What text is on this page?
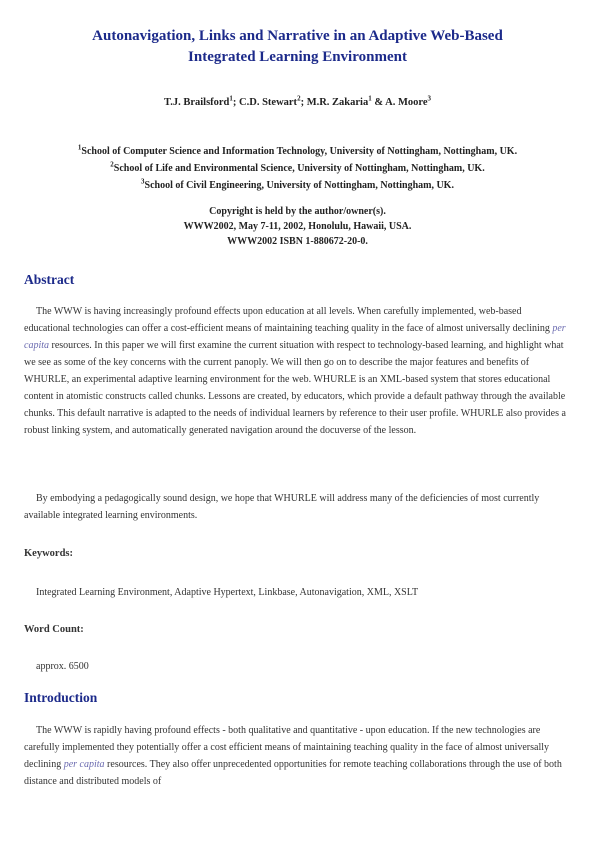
Autonavigation, Links and Narrative in an Adaptive Web-Based
Integrated Learning Environment
T.J. Brailsford$^1$; C.D. Stewart$^2$; M.R. Zakaria$^1$ & A. Moore$^3$
$^1$School of Computer Science and Information Technology, University of Nottingham, Nottingham, UK.
$^2$School of Life and Environmental Science, University of Nottingham, Nottingham, UK.
$^3$School of Civil Engineering, University of Nottingham, Nottingham, UK.
Copyright is held by the author/owner(s).
WWW2002, May 7-11, 2002, Honolulu, Hawaii, USA.
WWW2002 ISBN 1-880672-20-0.
Abstract

The WWW is having increasingly profound effects upon education at all levels. When carefully implemented, web-based educational technologies can offer a cost-efficient means of maintaining teaching quality in the face of almost universally declining per capita resources. In this paper we will first examine the current situation with respect to technology-based learning, and highlight what we see as some of the key concerns with the current panoply. We will then go on to describe the major features and benefits of WHURLE, an experimental adaptive learning environment for the web. WHURLE is an XML-based system that stores educational content in atomistic constructs called chunks. Lessons are created, by educators, which provide a default pathway through the available chunks. This default narrative is adapted to the needs of individual learners by reference to their user profile. WHURLE also provides a robust linking system, and automatically generated navigation around the docuverse of the lesson.

By embodying a pedagogically sound design, we hope that WHURLE will address many of the deficiencies of most currently available integrated learning environments.

Keywords:
Integrated Learning Environment, Adaptive Hypertext, Linkbase, Autonavigation, XML, XSLT
Word Count:
approx. 6500
Introduction

The WWW is rapidly having profound effects - both qualitative and quantitative - upon education. If the new technologies are carefully implemented they potentially offer a cost efficient means of maintaining teaching quality in the face of almost universally declining per capita resources. They also offer unprecedented opportunities for remote teaching collaborations through the use of both distance and distributed models of
